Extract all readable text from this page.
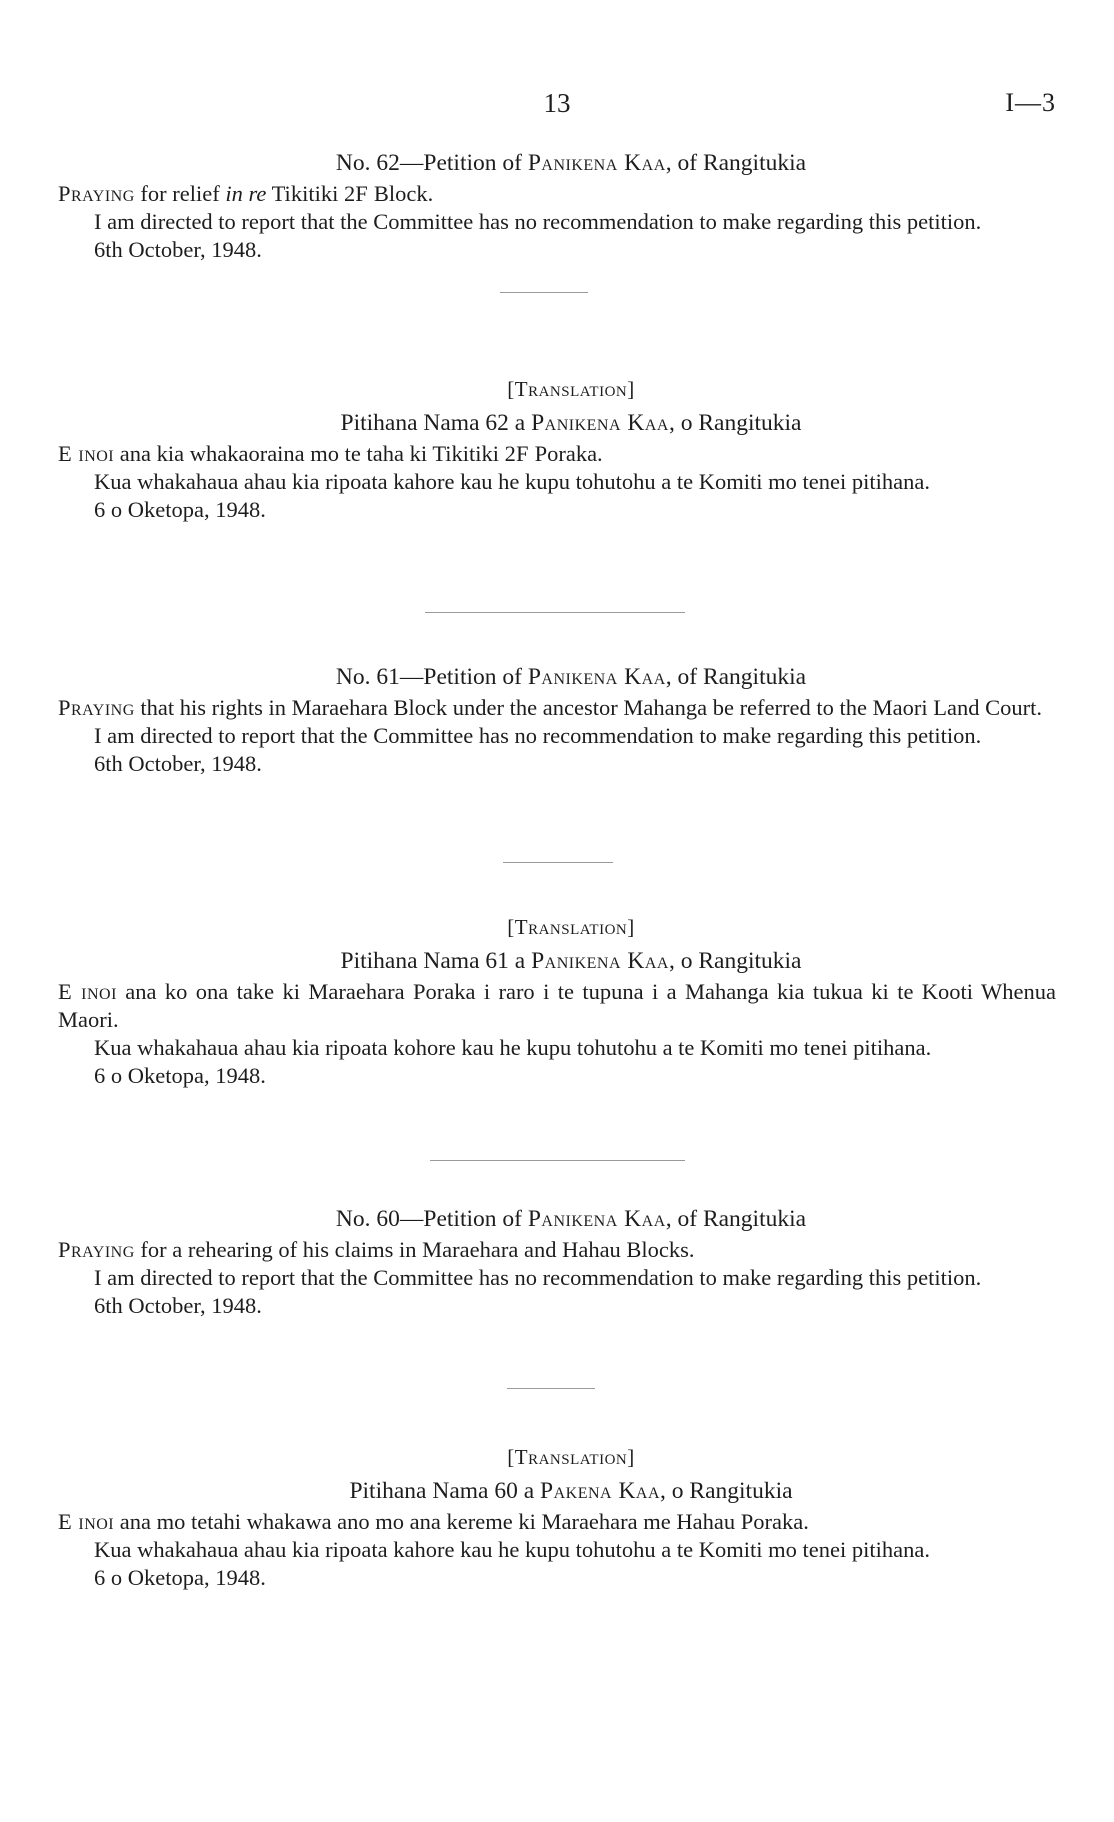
13	I—3
No. 62—Petition of Panikena Kaa, of Rangitukia
Praying for relief in re Tikitiki 2F Block.
I am directed to report that the Committee has no recommendation to make regarding this petition.
6th October, 1948.
[Translation]
Pitihana Nama 62 a Panikena Kaa, o Rangitukia
E inoi ana kia whakaoraina mo te taha ki Tikitiki 2F Poraka.
Kua whakahaua ahau kia ripoata kahore kau he kupu tohutohu a te Komiti mo tenei pitihana.
6 o Oketopa, 1948.
No. 61—Petition of Panikena Kaa, of Rangitukia
Praying that his rights in Maraehara Block under the ancestor Mahanga be referred to the Maori Land Court.
I am directed to report that the Committee has no recommendation to make regarding this petition.
6th October, 1948.
[Translation]
Pitihana Nama 61 a Panikena Kaa, o Rangitukia
E inoi ana ko ona take ki Maraehara Poraka i raro i te tupuna i a Mahanga kia tukua ki te Kooti Whenua Maori.
Kua whakahaua ahau kia ripoata kohore kau he kupu tohutohu a te Komiti mo tenei pitihana.
6 o Oketopa, 1948.
No. 60—Petition of Panikena Kaa, of Rangitukia
Praying for a rehearing of his claims in Maraehara and Hahau Blocks.
I am directed to report that the Committee has no recommendation to make regarding this petition.
6th October, 1948.
[Translation]
Pitihana Nama 60 a Pakena Kaa, o Rangitukia
E inoi ana mo tetahi whakawa ano mo ana kereme ki Maraehara me Hahau Poraka.
Kua whakahaua ahau kia ripoata kahore kau he kupu tohutohu a te Komiti mo tenei pitihana.
6 o Oketopa, 1948.
